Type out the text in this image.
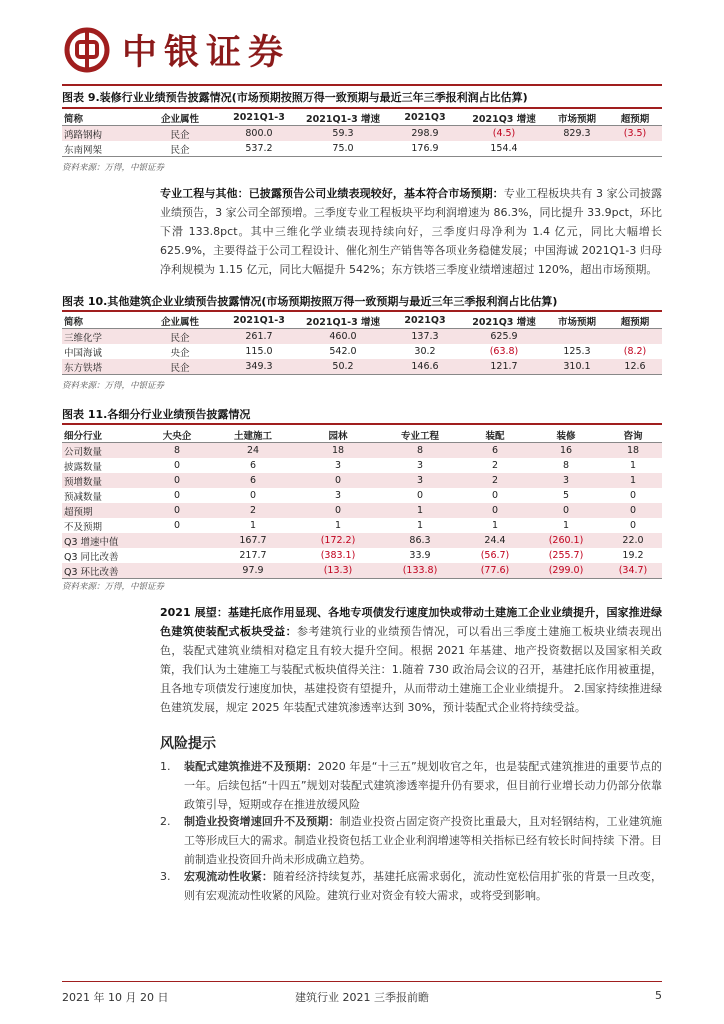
中银证券
图表 9.装修行业业绩预告披露情况(市场预期按照万得一致预期与最近三年三季报利润占比估算)
简称	企业属性	2021Q1-3	2021Q1-3 增速	2021Q3	2021Q3 增速	市场预期	超预期
鸿路钢构	民企	800.0	59.3	298.9	(4.5)	829.3	(3.5)
东南网架	民企	537.2	75.0	176.9	154.4		
资料来源：万得，中银证券
专业工程与其他：已披露预告公司业绩表现较好，基本符合市场预期：专业工程板块共有 3 家公司披露业绩预告，3 家公司全部预增。三季度专业工程板块平均利润增速为 86.3%，同比提升 33.9pct，环比下滑 133.8pct。其中三维化学业绩表现持续向好，三季度归母净利为 1.4 亿元，同比大幅增长 625.9%，主要得益于公司工程设计、催化剂生产销售等各项业务稳健发展；中国海诚 2021Q1-3 归母净利规模为 1.15 亿元，同比大幅提升 542%；东方铁塔三季度业绩增速超过 120%，超出市场预期。
图表 10.其他建筑企业业绩预告披露情况(市场预期按照万得一致预期与最近三年三季报利润占比估算)
简称	企业属性	2021Q1-3	2021Q1-3 增速	2021Q3	2021Q3 增速	市场预期	超预期
三维化学	民企	261.7	460.0	137.3	625.9		
中国海诚	央企	115.0	542.0	30.2	(63.8)	125.3	(8.2)
东方铁塔	民企	349.3	50.2	146.6	121.7	310.1	12.6
资料来源：万得，中银证券
图表 11.各细分行业业绩预告披露情况
细分行业	大央企	土建施工	园林	专业工程	装配	装修	咨询
公司数量	8	24	18	8	6	16	18
披露数量	0	6	3	3	2	8	1
预增数量	0	6	0	3	2	3	1
预减数量	0	0	3	0	0	5	0
超预期	0	2	0	1	0	0	0
不及预期	0	1	1	1	1	1	0
Q3 增速中值		167.7	(172.2)	86.3	24.4	(260.1)	22.0
Q3 同比改善		217.7	(383.1)	33.9	(56.7)	(255.7)	19.2
Q3 环比改善		97.9	(13.3)	(133.8)	(77.6)	(299.0)	(34.7)
资料来源：万得，中银证券
2021 展望：基建托底作用显现、各地专项债发行速度加快或带动土建施工企业业绩提升，国家推进绿色建筑使装配式板块受益：参考建筑行业的业绩预告情况，可以看出三季度土建施工板块业绩表现出色，装配式建筑业绩相对稳定且有较大提升空间。根据 2021 年基建、地产投资数据以及国家相关政策，我们认为土建施工与装配式板块值得关注：1.随着 730 政治局会议的召开，基建托底作用被重提，且各地专项债发行速度加快，基建投资有望提升，从而带动土建施工企业业绩提升。 2.国家持续推进绿色建筑发展，规定 2025 年装配式建筑渗透率达到 30%，预计装配式企业将持续受益。
风险提示
1. 装配式建筑推进不及预期：2020 年是“十三五”规划收官之年，也是装配式建筑推进的重要节点的一年。后续包括“十四五”规划对装配式建筑渗透率提升仍有要求，但目前行业增长动力仍部分依靠政策引导，短期或存在推进放缓风险
2. 制造业投资增速回升不及预期：制造业投资占固定资产投资比重最大，且对轻钢结构，工业建筑施工等形成巨大的需求。制造业投资包括工业企业利润增速等相关指标已经有较长时间持续 下滑。目前制造业投资回升尚未形成确立趋势。
3. 宏观流动性收紧：随着经济持续复苏，基建托底需求弱化，流动性宽松信用扩张的背景一旦改变，则有宏观流动性收紧的风险。建筑行业对资金有较大需求，或将受到影响。
2021 年 10 月 20 日	建筑行业 2021 三季报前瞻	5
